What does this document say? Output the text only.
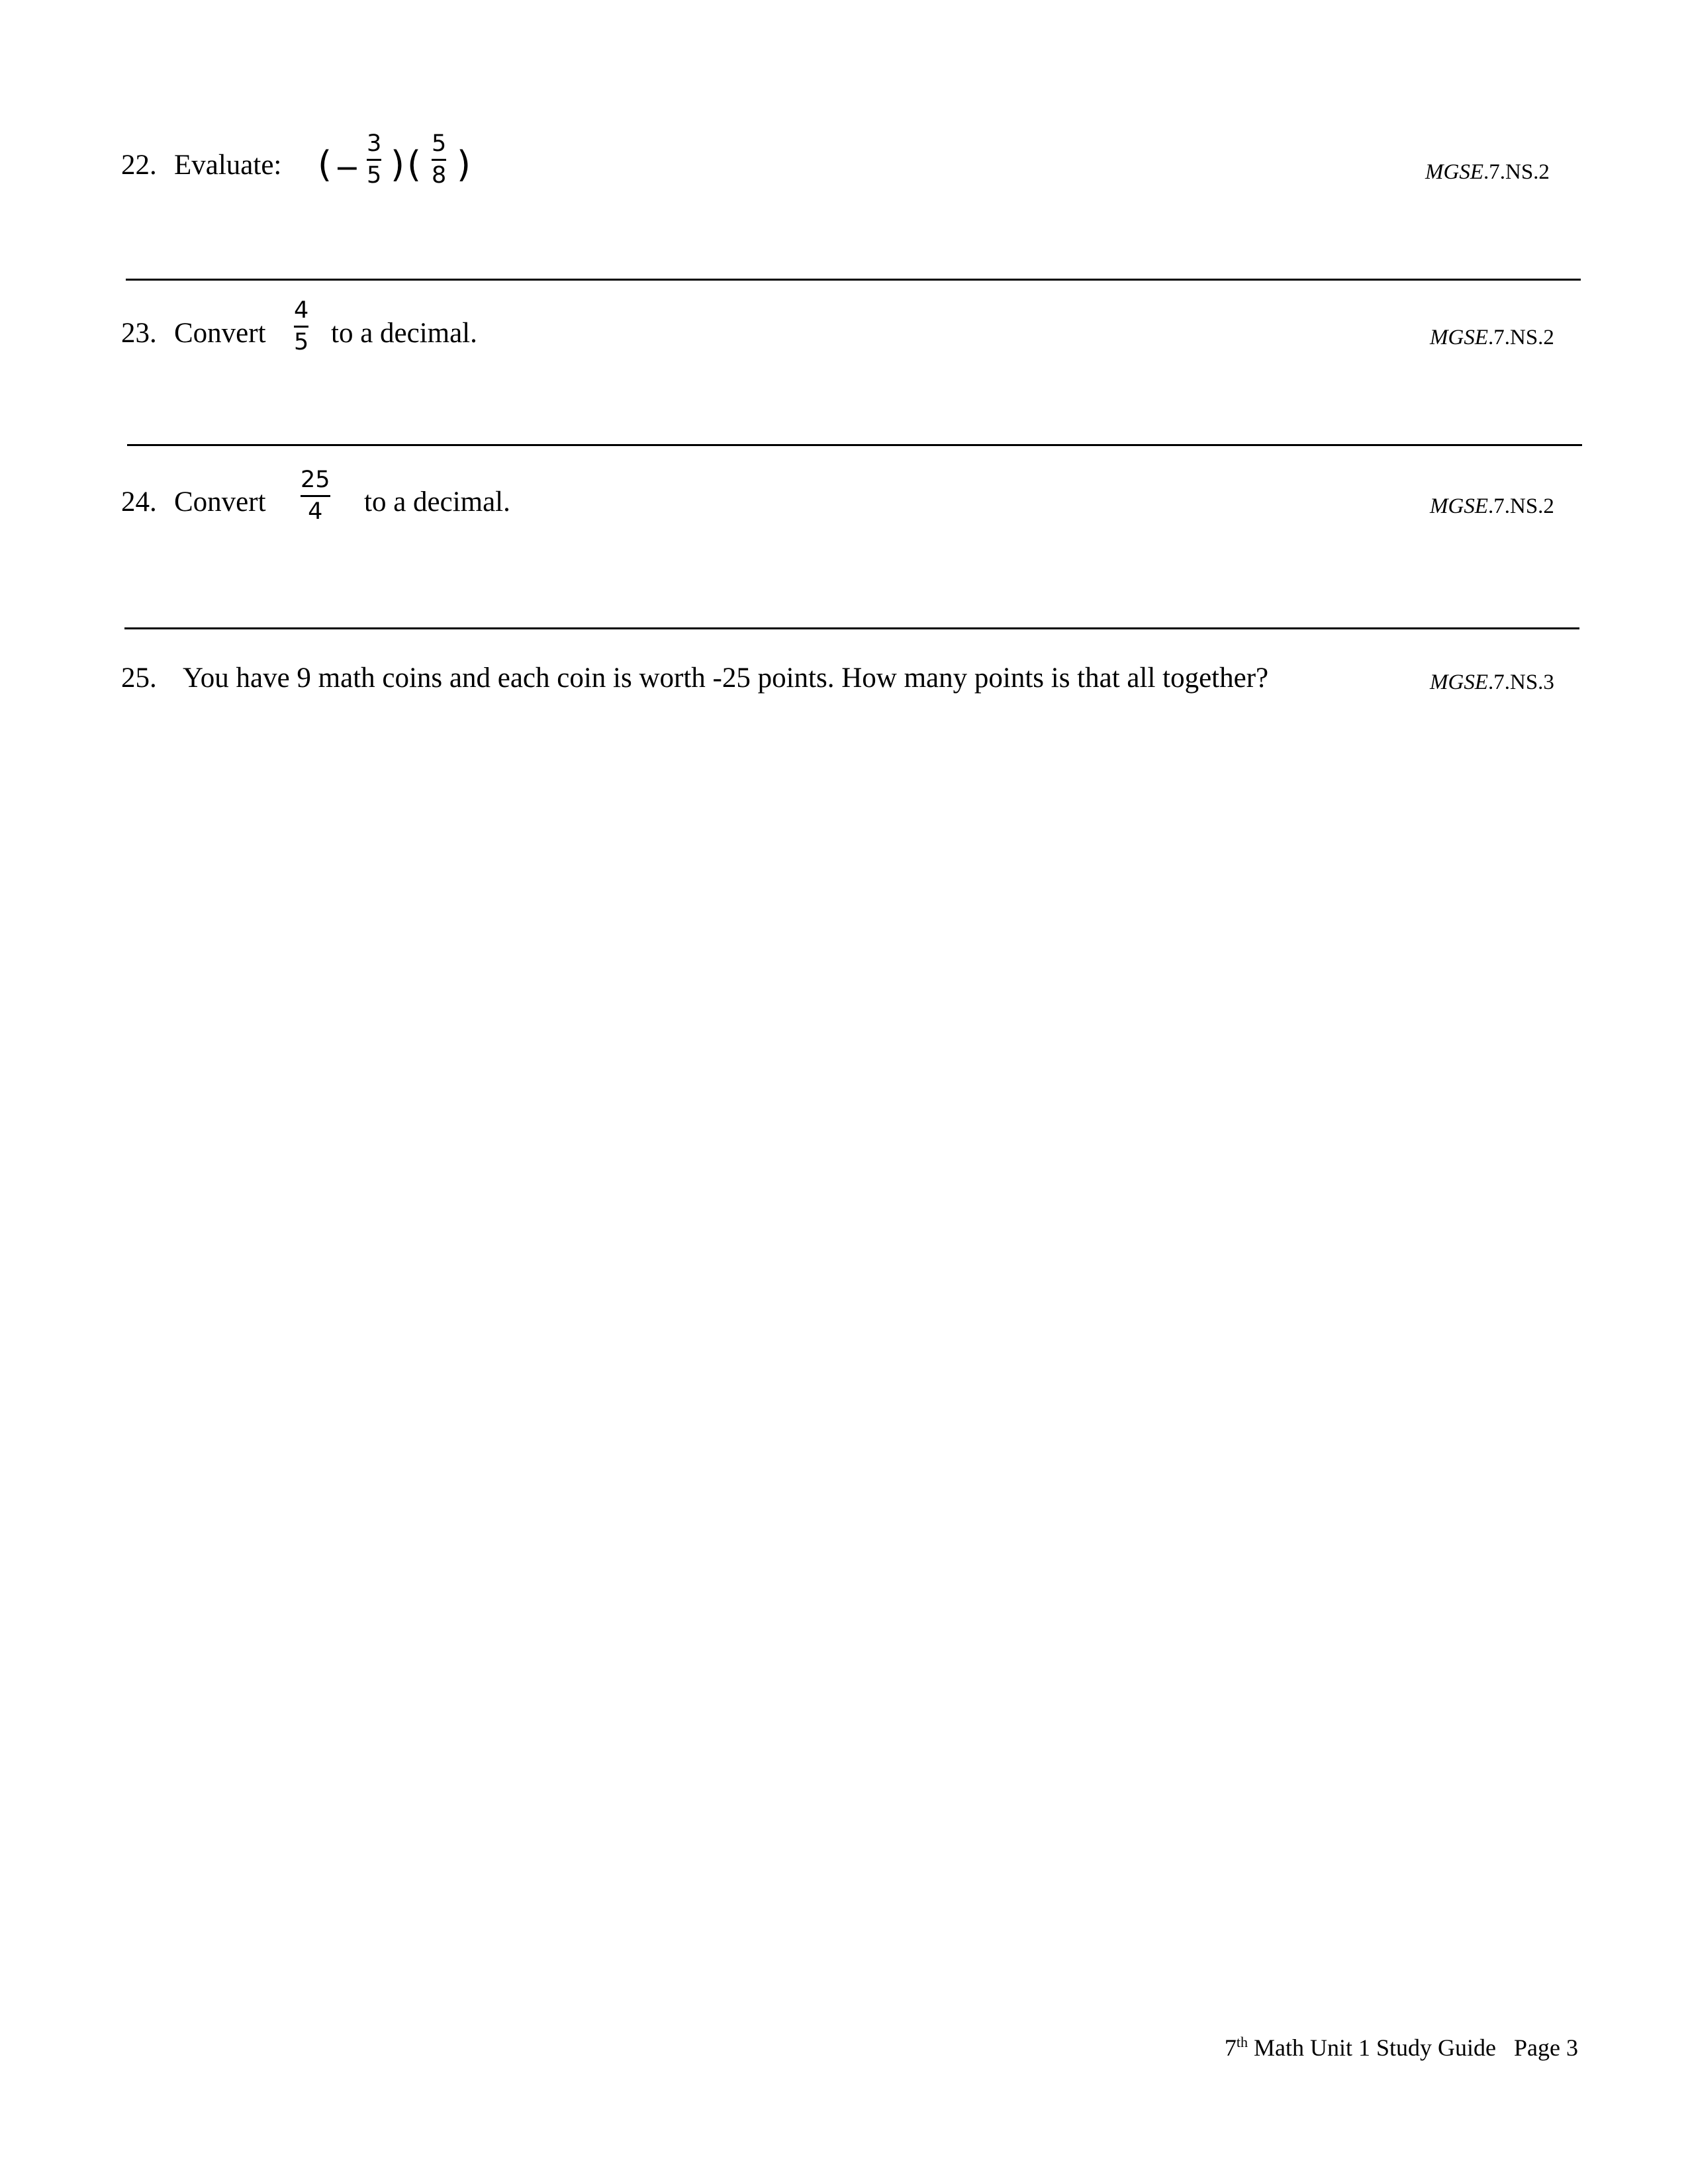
22. Evaluate: ( −
3
5 ) ( 5
8 )	MGSE.7.NS.2
23. Convert
4
5 to a decimal.	MGSE.7.NS.2
24. Convert
25
4 to a decimal.	MGSE.7.NS.2
25. You have 9 math coins and each coin is worth -25 points. How many points is that all together?	MGSE.7.NS.3
7th Math Unit 1 Study Guide Page 3
